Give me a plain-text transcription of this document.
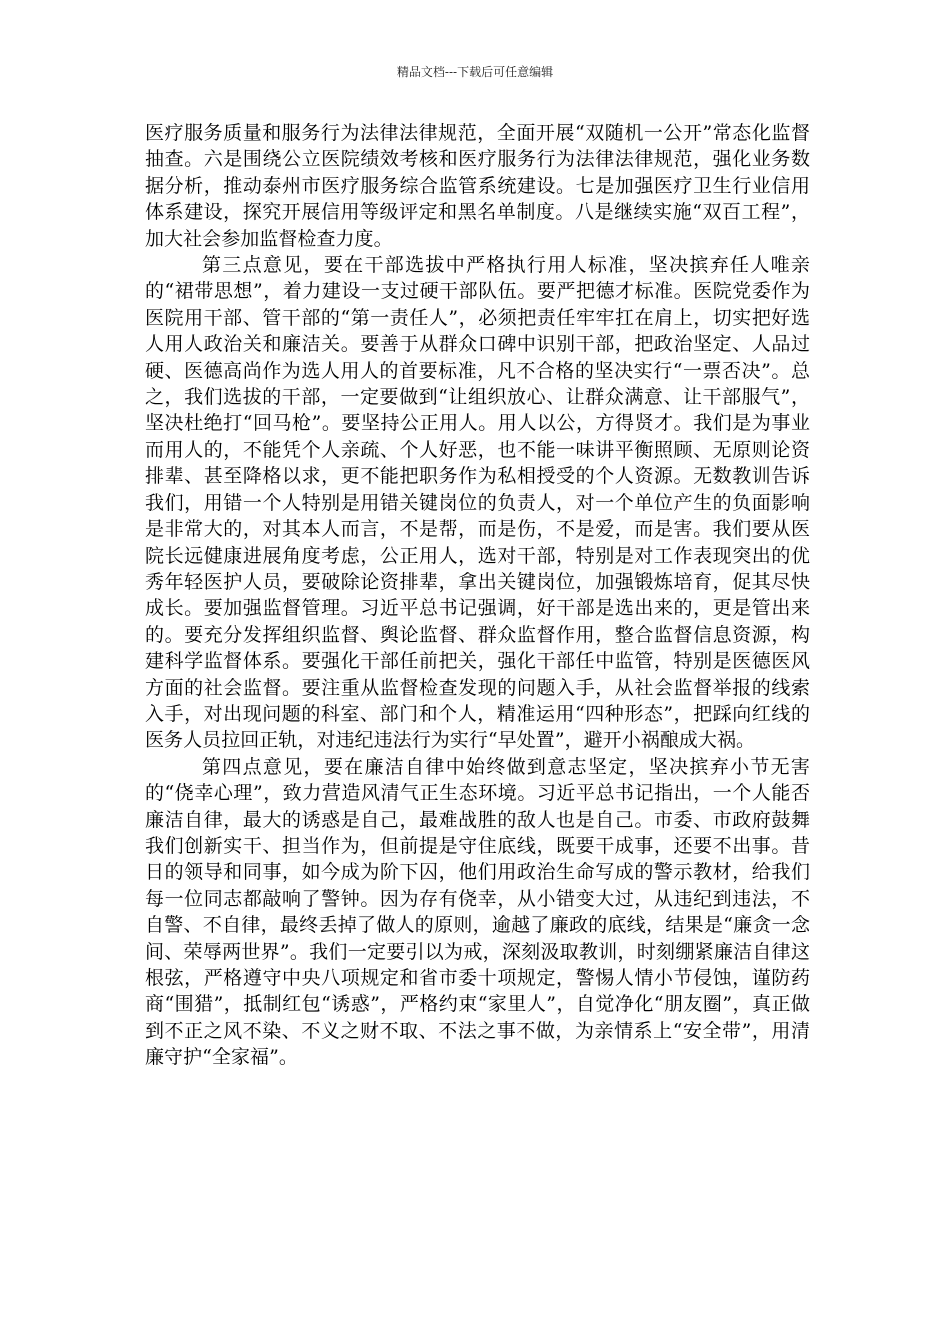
精品文档---下载后可任意编辑

医疗服务质量和服务行为法律法律规范，全面开展“双随机一公开”常态化监督抽查。六是围绕公立医院绩效考核和医疗服务行为法律法律规范，强化业务数据分析，推动泰州市医疗服务综合监管系统建设。七是加强医疗卫生行业信用体系建设，探究开展信用等级评定和黑名单制度。八是继续实施“双百工程”，加大社会参加监督检查力度。

第三点意见，要在干部选拔中严格执行用人标准，坚决摈弃任人唯亲的“裙带思想”，着力建设一支过硬干部队伍。要严把德才标准。医院党委作为医院用干部、管干部的“第一责任人”，必须把责任牢牢扛在肩上，切实把好选人用人政治关和廉洁关。要善于从群众口碑中识别干部，把政治坚定、人品过硬、医德高尚作为选人用人的首要标准，凡不合格的坚决实行“一票否决”。总之，我们选拔的干部，一定要做到“让组织放心、让群众满意、让干部服气”，坚决杜绝打“回马枪”。要坚持公正用人。用人以公，方得贤才。我们是为事业而用人的，不能凭个人亲疏、个人好恶，也不能一味讲平衡照顾、无原则论资排辈、甚至降格以求，更不能把职务作为私相授受的个人资源。无数教训告诉我们，用错一个人特别是用错关键岗位的负责人，对一个单位产生的负面影响是非常大的，对其本人而言，不是帮，而是伤，不是爱，而是害。我们要从医院长远健康进展角度考虑，公正用人，选对干部，特别是对工作表现突出的优秀年轻医护人员，要破除论资排辈，拿出关键岗位，加强锻炼培育，促其尽快成长。要加强监督管理。习近平总书记强调，好干部是选出来的，更是管出来的。要充分发挥组织监督、舆论监督、群众监督作用，整合监督信息资源，构建科学监督体系。要强化干部任前把关，强化干部任中监管，特别是医德医风方面的社会监督。要注重从监督检查发现的问题入手，从社会监督举报的线索入手，对出现问题的科室、部门和个人，精准运用“四种形态”，把踩向红线的医务人员拉回正轨，对违纪违法行为实行“早处置”，避开小祸酿成大祸。

第四点意见，要在廉洁自律中始终做到意志坚定，坚决摈弃小节无害的“侥幸心理”，致力营造风清气正生态环境。习近平总书记指出，一个人能否廉洁自律，最大的诱惑是自己，最难战胜的敌人也是自己。市委、市政府鼓舞我们创新实干、担当作为，但前提是守住底线，既要干成事，还要不出事。昔日的领导和同事，如今成为阶下囚，他们用政治生命写成的警示教材，给我们每一位同志都敲响了警钟。因为存有侥幸，从小错变大过，从违纪到违法，不自警、不自律，最终丢掉了做人的原则，逾越了廉政的底线，结果是“廉贪一念间、荣辱两世界”。我们一定要引以为戒，深刻汲取教训，时刻绷紧廉洁自律这根弦，严格遵守中央八项规定和省市委十项规定，警惕人情小节侵蚀，谨防药商“围猎”，抵制红包“诱惑”，严格约束“家里人”，自觉净化“朋友圈”，真正做到不正之风不染、不义之财不取、不法之事不做，为亲情系上“安全带”，用清廉守护“全家福”。
